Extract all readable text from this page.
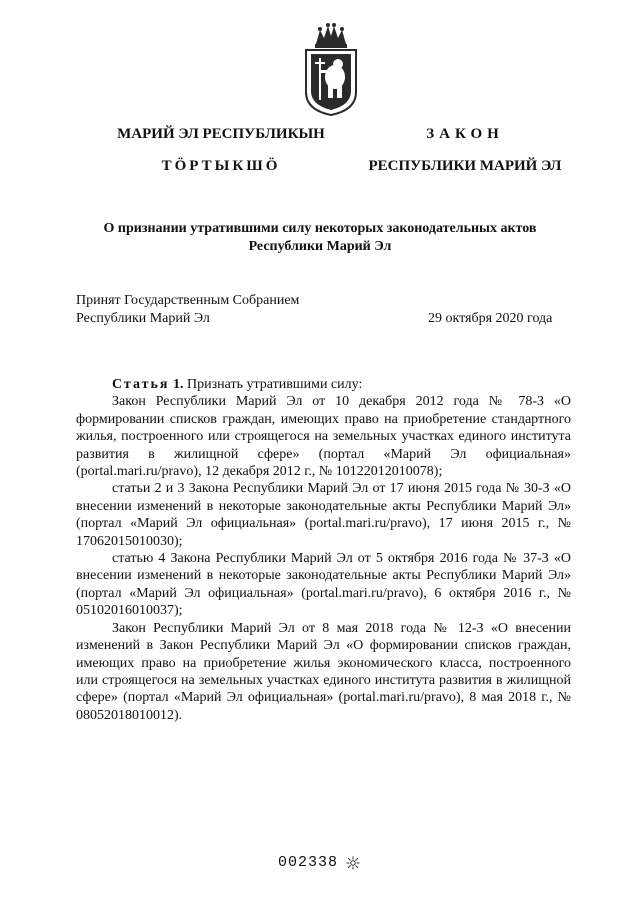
МАРИЙ ЭЛ РЕСПУБЛИКЫН
ТӦРТЫКШӦ
ЗАКОН
РЕСПУБЛИКИ МАРИЙ ЭЛ
О признании утратившими силу некоторых законодательных актов
Республики Марий Эл
Принят Государственным Собранием
Республики Марий Эл	29 октября 2020 года

Статья 1. Признать утратившими силу:

Закон Республики Марий Эл от 10 декабря 2012 года № 78-З «О формировании списков граждан, имеющих право на приобретение стандартного жилья, построенного или строящегося на земельных участках единого института развития в жилищной сфере» (портал «Марий Эл официальная» (portal.mari.ru/pravo), 12 декабря 2012 г., № 10122012010078);

статьи 2 и 3 Закона Республики Марий Эл от 17 июня 2015 года № 30-З «О внесении изменений в некоторые законодательные акты Республики Марий Эл» (портал «Марий Эл официальная» (portal.mari.ru/pravo), 17 июня 2015 г., № 17062015010030);

статью 4 Закона Республики Марий Эл от 5 октября 2016 года № 37-З «О внесении изменений в некоторые законодательные акты Республики Марий Эл» (портал «Марий Эл официальная» (portal.mari.ru/pravo), 6 октября 2016 г., № 05102016010037);

Закон Республики Марий Эл от 8 мая 2018 года № 12-З «О внесении изменений в Закон Республики Марий Эл «О формировании списков граждан, имеющих право на приобретение жилья экономического класса, построенного или строящегося на земельных участках единого института развития в жилищной сфере» (портал «Марий Эл официальная» (portal.mari.ru/pravo), 8 мая 2018 г., № 08052018010012).

002338
